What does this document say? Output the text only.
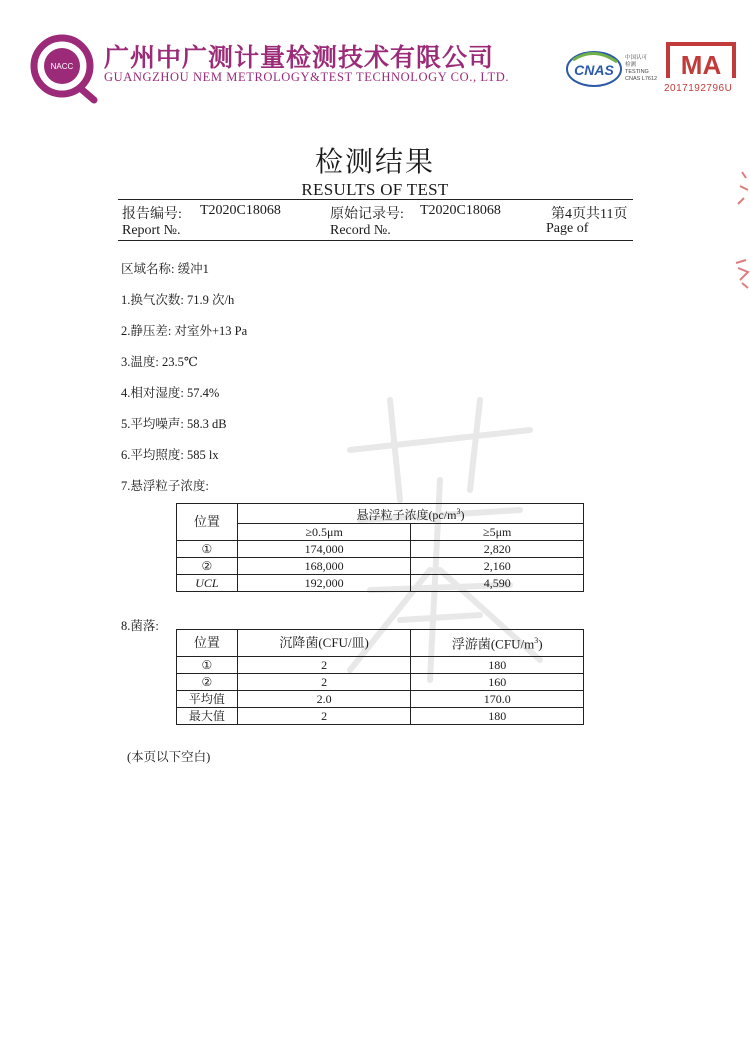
NACC 广州中广测计量检测技术有限公司
GUANGZHOU NEM METROLOGY&TEST TECHNOLOGY CO., LTD.	CNAS
中国认可
检测
TESTING
CNAS L7612 MA
2017192796U
检测结果
RESULTS OF TEST
报告编号: T2020C18068	原始记录号: T2020C18068	第4页共11页
Report №.	Record №.	Page of
区域名称: 缓冲1
1.换气次数: 71.9 次/h
2.静压差: 对室外+13 Pa
3.温度: 23.5℃
4.相对湿度: 57.4%
5.平均噪声: 58.3 dB
6.平均照度: 585 lx
7.悬浮粒子浓度:
位置	悬浮粒子浓度$(pc/m^3)$	
	≥0.5μm	≥5μm
①	174,000	2,820
②	168,000	2,160
UCL	192,000	4,590
8.菌落:
位置	沉降菌(CFU/皿)	浮游菌$(CFU/m^3)$
①	2	180
②	2	160
平均值	2.0	170.0
最大值	2	180
(本页以下空白)
